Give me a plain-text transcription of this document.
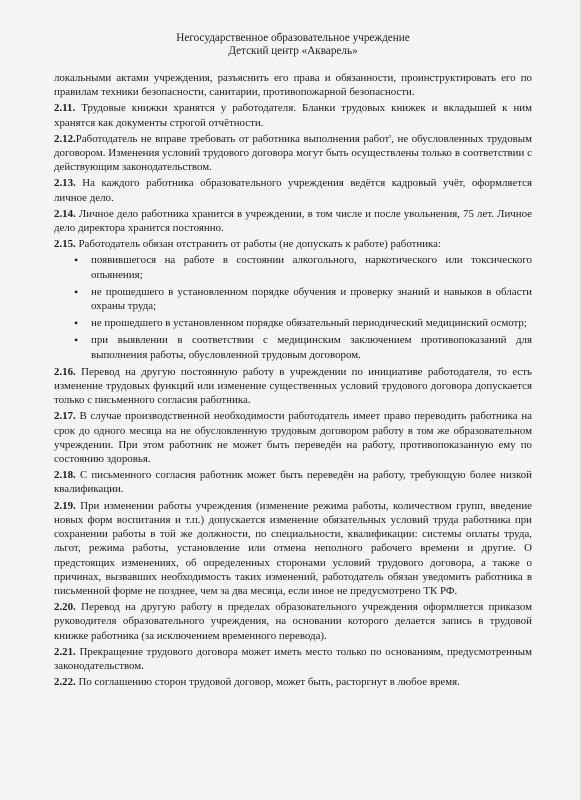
Негосударственное образовательное учреждение
Детский центр «Акварель»

локальными актами учреждения, разъяснить его права и обязанности, проинструктировать его по правилам техники безопасности, санитарии, противопожарной безопасности.

2.11. Трудовые книжки хранятся у работодателя. Бланки трудовых книжек и вкладышей к ним хранятся как документы строгой отчётности.

2.12.Работодатель не вправе требовать от работника выполнения работ', не обусловленных трудовым договором. Изменения условий трудового договора могут быть осуществлены только в соответствии с действующим законодательством.

2.13. На каждого работника образовательного учреждения ведётся кадровый учёт, оформляется личное дело.

2.14. Личное дело работника хранится в учреждении, в том числе и после увольнения, 75 лет. Личное дело директора хранится постоянно.

2.15. Работодатель обязан отстранить от работы (не допускать к работе) работника:

• появившегося на работе в состоянии алкогольного, наркотического или токсического опьянения;
• не прошедшего в установленном порядке обучения и проверку знаний и навыков в области охраны труда;
• не прошедшего в установленном порядке обязательный периодический медицинский осмотр;
• при выявлении в соответствии с медицинским заключением противопоказаний для выполнения работы, обусловленной трудовым договором.

2.16. Перевод на другую постоянную работу в учреждении по инициативе работодателя, то есть изменение трудовых функций или изменение существенных условий трудового договора допускается только с письменного согласия работника.

2.17. В случае производственной необходимости работодатель имеет право переводить работника на срок до одного месяца на не обусловленную трудовым договором работу в том же образовательном учреждении. При этом работник не может быть переведён на работу, противопоказанную ему по состоянию здоровья.

2.18. С письменного согласия работник может быть переведён на работу, требующую более низкой квалификации.

2.19. При изменении работы учреждения (изменение режима работы, количеством групп, введение новых форм воспитания и т.п.) допускается изменение обязательных условий труда работника при сохранении работы в той же должности, по специальности, квалификации: системы оплаты труда, льгот, режима работы, установление или отмена неполного рабочего времени и другие. О предстоящих изменениях, об определенных сторонами условий трудового договора, а также о причинах, вызвавших необходимость таких изменений, работодатель обязан уведомить работника в письменной форме не позднее, чем за два месяца, если иное не предусмотрено ТК РФ.

2.20. Перевод на другую работу в пределах образовательного учреждения оформляется приказом руководителя образовательного учреждения, на основании которого делается запись в трудовой книжке работника (за исключением временного перевода).

2.21. Прекращение трудового договора может иметь место только по основаниям, предусмотренным законодательством.

2.22. По соглашению сторон трудовой договор, может быть, расторгнут в любое время.
